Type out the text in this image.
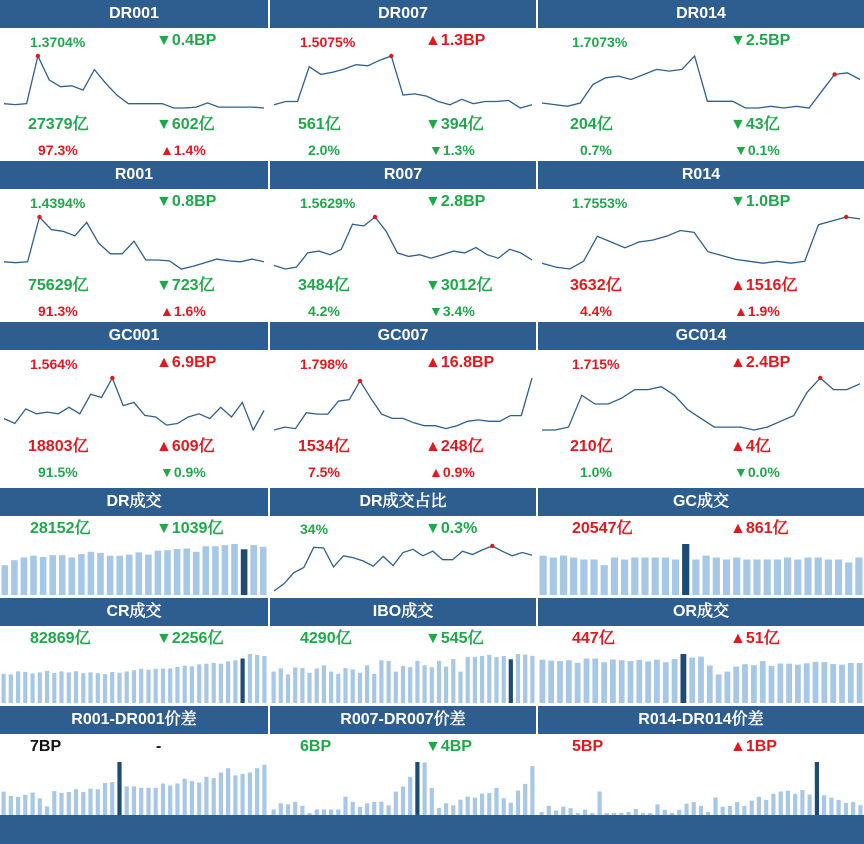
DR001
1.3704%	▼0.4BP
27379亿	▼602亿
97.3%	▲1.4%
DR007
1.5075%	▲1.3BP
561亿	▼394亿
2.0%	▼1.3%
DR014
1.7073%	▼2.5BP
204亿	▼43亿
0.7%	▼0.1%
R001
1.4394%	▼0.8BP
75629亿	▼723亿
91.3%	▲1.6%
R007
1.5629%	▼2.8BP
3484亿	▼3012亿
4.2%	▼3.4%
R014
1.7553%	▼1.0BP
3632亿	▲1516亿
4.4%	▲1.9%
GC001
1.564%	▲6.9BP
18803亿	▲609亿
91.5%	▼0.9%
GC007
1.798%	▲16.8BP
1534亿	▲248亿
7.5%	▲0.9%
GC014
1.715%	▲2.4BP
210亿	▲4亿
1.0%	▼0.0%
DR成交
28152亿	▼1039亿
DR成交占比
34%	▼0.3%
GC成交
20547亿	▲861亿
CR成交
82869亿	▼2256亿
IBO成交
4290亿	▼545亿
OR成交
447亿	▲51亿
R001-DR001价差
7BP	-
R007-DR007价差
6BP	▼4BP
R014-DR014价差
5BP	▲1BP
